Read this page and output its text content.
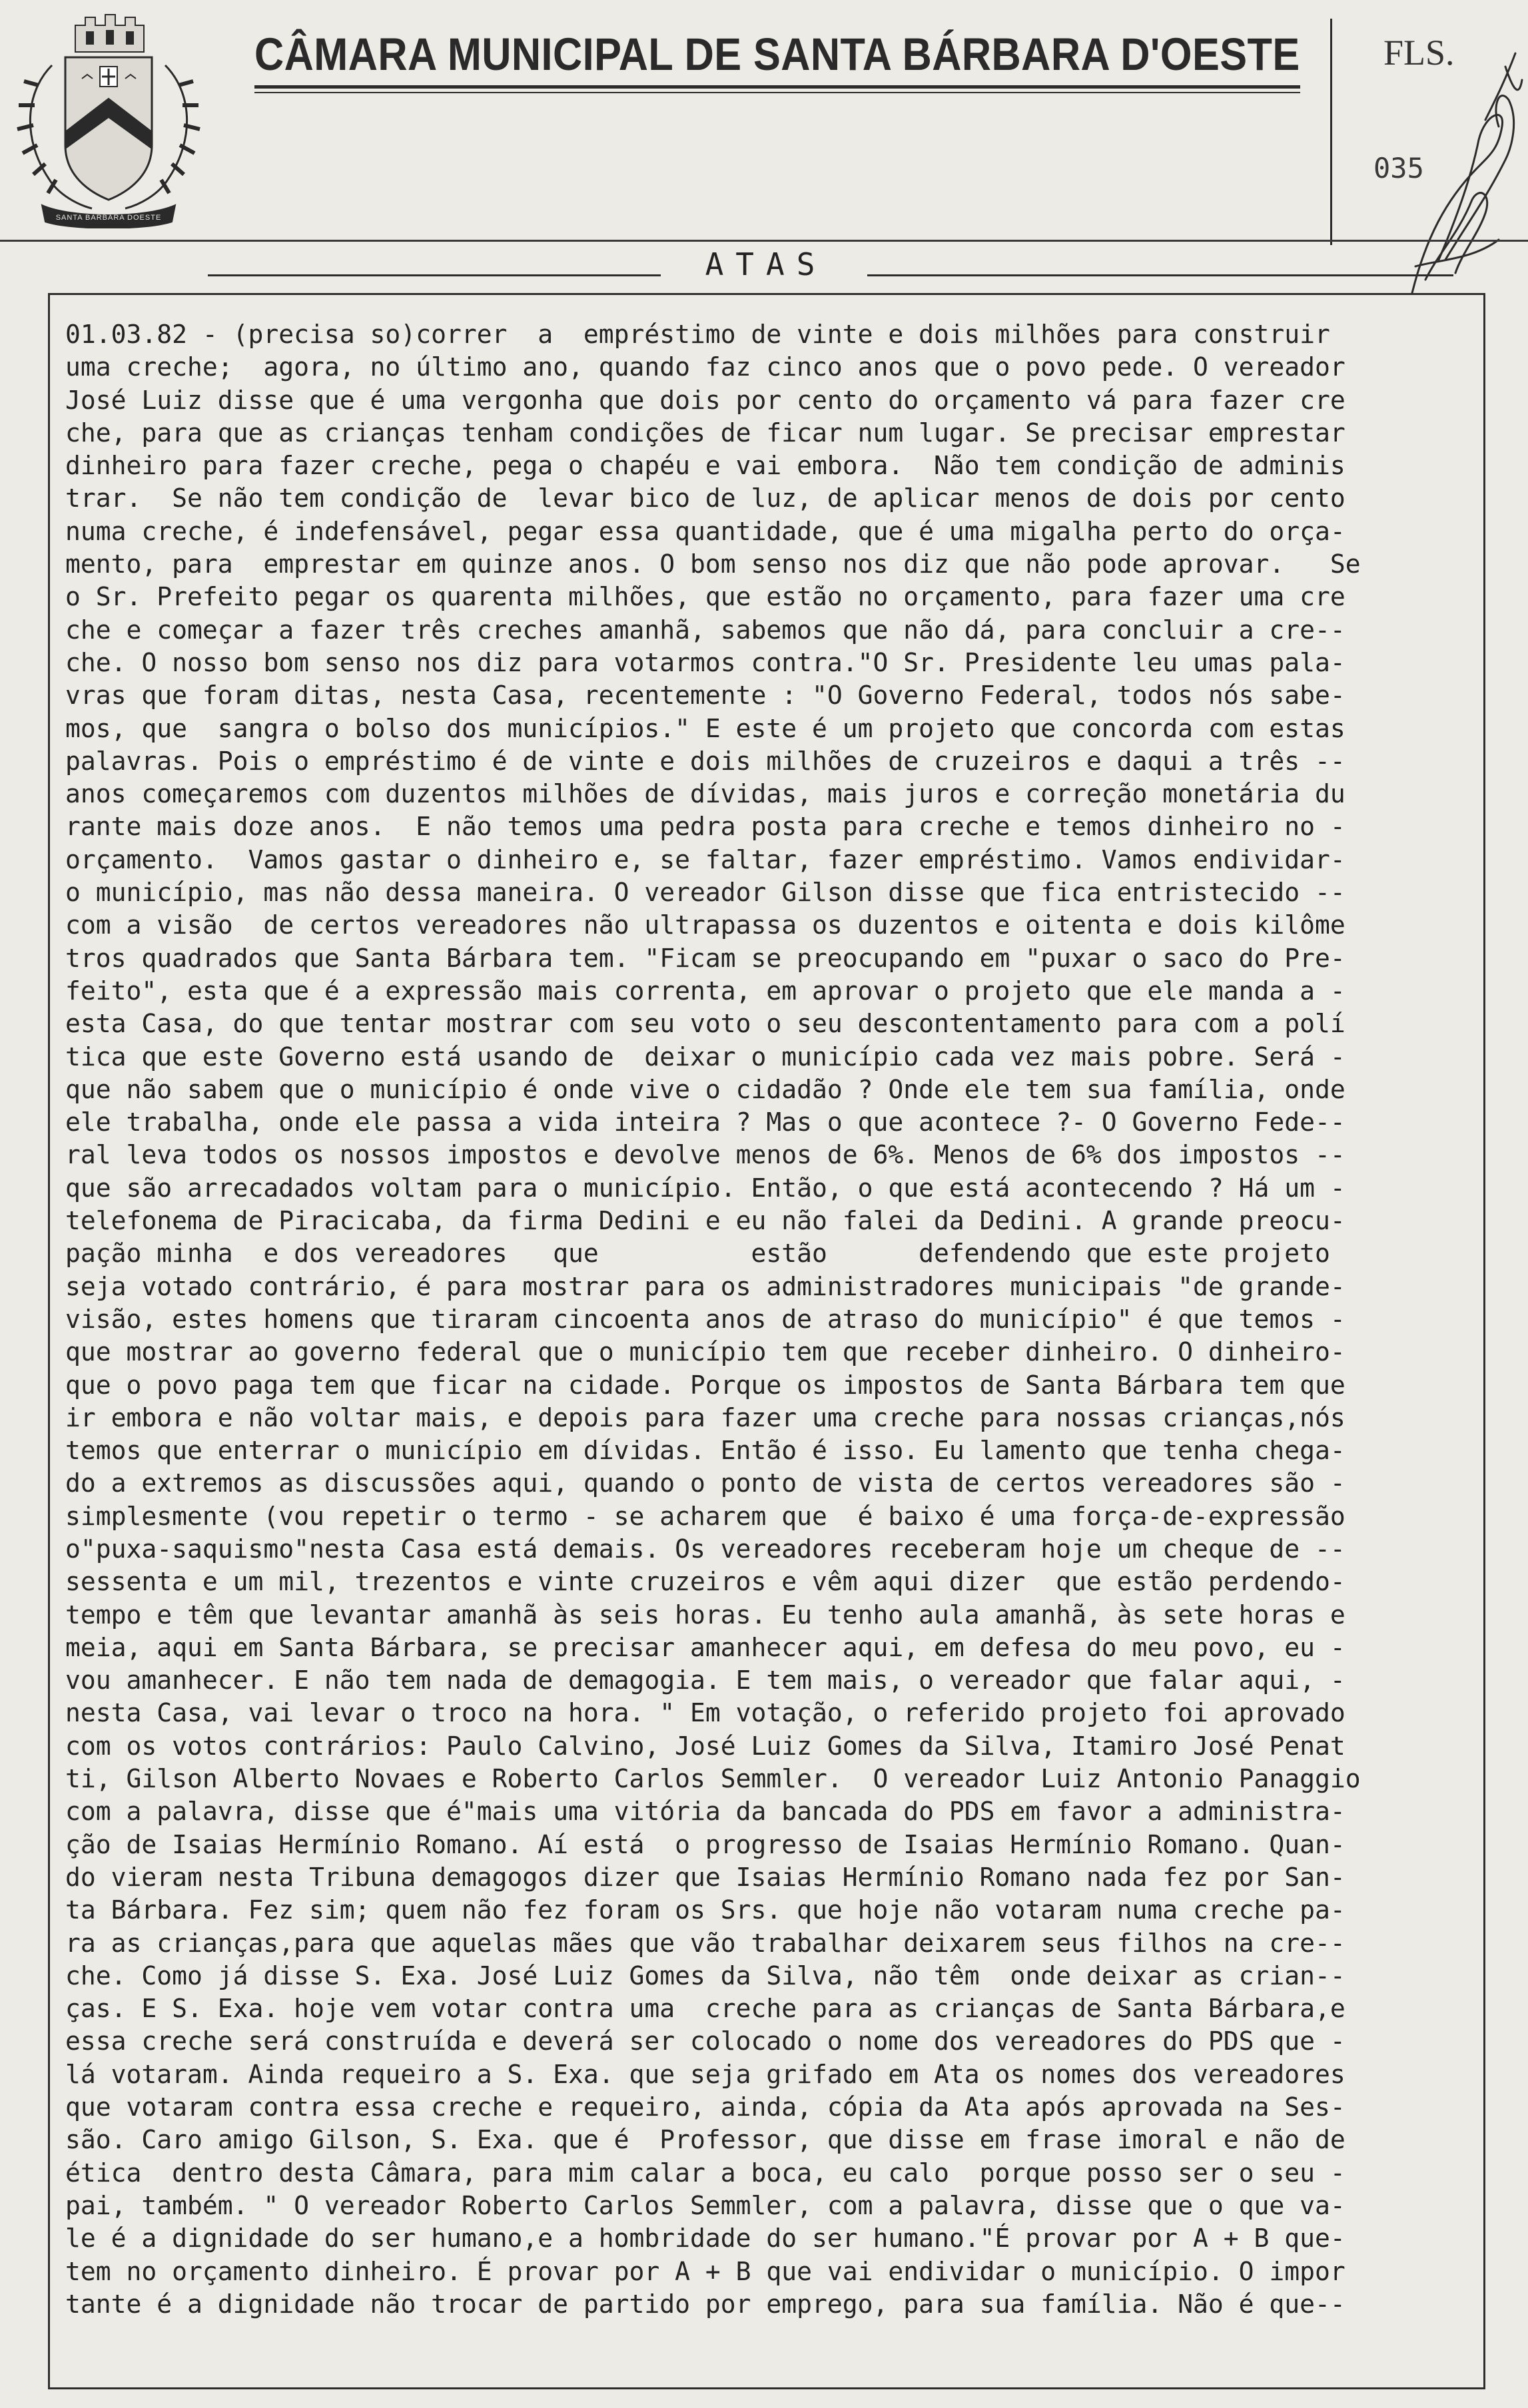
SANTA BARBARA DOESTE
CÂMARA MUNICIPAL DE SANTA BÁRBARA D'OESTE FLS.
035
ATAS
01.03.82 - (precisa so)correr  a  empréstimo de vinte e dois milhões para construir
uma creche;  agora, no último ano, quando faz cinco anos que o povo pede. O vereador
José Luiz disse que é uma vergonha que dois por cento do orçamento vá para fazer cre
che, para que as crianças tenham condições de ficar num lugar. Se precisar emprestar
dinheiro para fazer creche, pega o chapéu e vai embora.  Não tem condição de adminis
trar.  Se não tem condição de  levar bico de luz, de aplicar menos de dois por cento
numa creche, é indefensável, pegar essa quantidade, que é uma migalha perto do orça-
mento, para  emprestar em quinze anos. O bom senso nos diz que não pode aprovar.   Se
o Sr. Prefeito pegar os quarenta milhões, que estão no orçamento, para fazer uma cre
che e começar a fazer três creches amanhã, sabemos que não dá, para concluir a cre--
che. O nosso bom senso nos diz para votarmos contra."O Sr. Presidente leu umas pala-
vras que foram ditas, nesta Casa, recentemente : "O Governo Federal, todos nós sabe-
mos, que  sangra o bolso dos municípios." E este é um projeto que concorda com estas
palavras. Pois o empréstimo é de vinte e dois milhões de cruzeiros e daqui a três --
anos começaremos com duzentos milhões de dívidas, mais juros e correção monetária du
rante mais doze anos.  E não temos uma pedra posta para creche e temos dinheiro no -
orçamento.  Vamos gastar o dinheiro e, se faltar, fazer empréstimo. Vamos endividar-
o município, mas não dessa maneira. O vereador Gilson disse que fica entristecido --
com a visão  de certos vereadores não ultrapassa os duzentos e oitenta e dois kilôme
tros quadrados que Santa Bárbara tem. "Ficam se preocupando em "puxar o saco do Pre-
feito", esta que é a expressão mais correnta, em aprovar o projeto que ele manda a -
esta Casa, do que tentar mostrar com seu voto o seu descontentamento para com a polí
tica que este Governo está usando de  deixar o município cada vez mais pobre. Será -
que não sabem que o município é onde vive o cidadão ? Onde ele tem sua família, onde
ele trabalha, onde ele passa a vida inteira ? Mas o que acontece ?- O Governo Fede--
ral leva todos os nossos impostos e devolve menos de 6%. Menos de 6% dos impostos --
que são arrecadados voltam para o município. Então, o que está acontecendo ? Há um -
telefonema de Piracicaba, da firma Dedini e eu não falei da Dedini. A grande preocu-
pação minha  e dos vereadores   que          estão      defendendo que este projeto
seja votado contrário, é para mostrar para os administradores municipais "de grande-
visão, estes homens que tiraram cincoenta anos de atraso do município" é que temos -
que mostrar ao governo federal que o município tem que receber dinheiro. O dinheiro-
que o povo paga tem que ficar na cidade. Porque os impostos de Santa Bárbara tem que
ir embora e não voltar mais, e depois para fazer uma creche para nossas crianças,nós
temos que enterrar o município em dívidas. Então é isso. Eu lamento que tenha chega-
do a extremos as discussões aqui, quando o ponto de vista de certos vereadores são -
simplesmente (vou repetir o termo - se acharem que  é baixo é uma força-de-expressão
o"puxa-saquismo"nesta Casa está demais. Os vereadores receberam hoje um cheque de --
sessenta e um mil, trezentos e vinte cruzeiros e vêm aqui dizer  que estão perdendo-
tempo e têm que levantar amanhã às seis horas. Eu tenho aula amanhã, às sete horas e
meia, aqui em Santa Bárbara, se precisar amanhecer aqui, em defesa do meu povo, eu -
vou amanhecer. E não tem nada de demagogia. E tem mais, o vereador que falar aqui, -
nesta Casa, vai levar o troco na hora. " Em votação, o referido projeto foi aprovado
com os votos contrários: Paulo Calvino, José Luiz Gomes da Silva, Itamiro José Penat
ti, Gilson Alberto Novaes e Roberto Carlos Semmler.  O vereador Luiz Antonio Panaggio
com a palavra, disse que é"mais uma vitória da bancada do PDS em favor a administra-
ção de Isaias Hermínio Romano. Aí está  o progresso de Isaias Hermínio Romano. Quan-
do vieram nesta Tribuna demagogos dizer que Isaias Hermínio Romano nada fez por San-
ta Bárbara. Fez sim; quem não fez foram os Srs. que hoje não votaram numa creche pa-
ra as crianças,para que aquelas mães que vão trabalhar deixarem seus filhos na cre--
che. Como já disse S. Exa. José Luiz Gomes da Silva, não têm  onde deixar as crian--
ças. E S. Exa. hoje vem votar contra uma  creche para as crianças de Santa Bárbara,e
essa creche será construída e deverá ser colocado o nome dos vereadores do PDS que -
lá votaram. Ainda requeiro a S. Exa. que seja grifado em Ata os nomes dos vereadores
que votaram contra essa creche e requeiro, ainda, cópia da Ata após aprovada na Ses-
são. Caro amigo Gilson, S. Exa. que é  Professor, que disse em frase imoral e não de
ética  dentro desta Câmara, para mim calar a boca, eu calo  porque posso ser o seu -
pai, também. " O vereador Roberto Carlos Semmler, com a palavra, disse que o que va-
le é a dignidade do ser humano,e a hombridade do ser humano."É provar por A + B que-
tem no orçamento dinheiro. É provar por A + B que vai endividar o município. O impor
tante é a dignidade não trocar de partido por emprego, para sua família. Não é que--
